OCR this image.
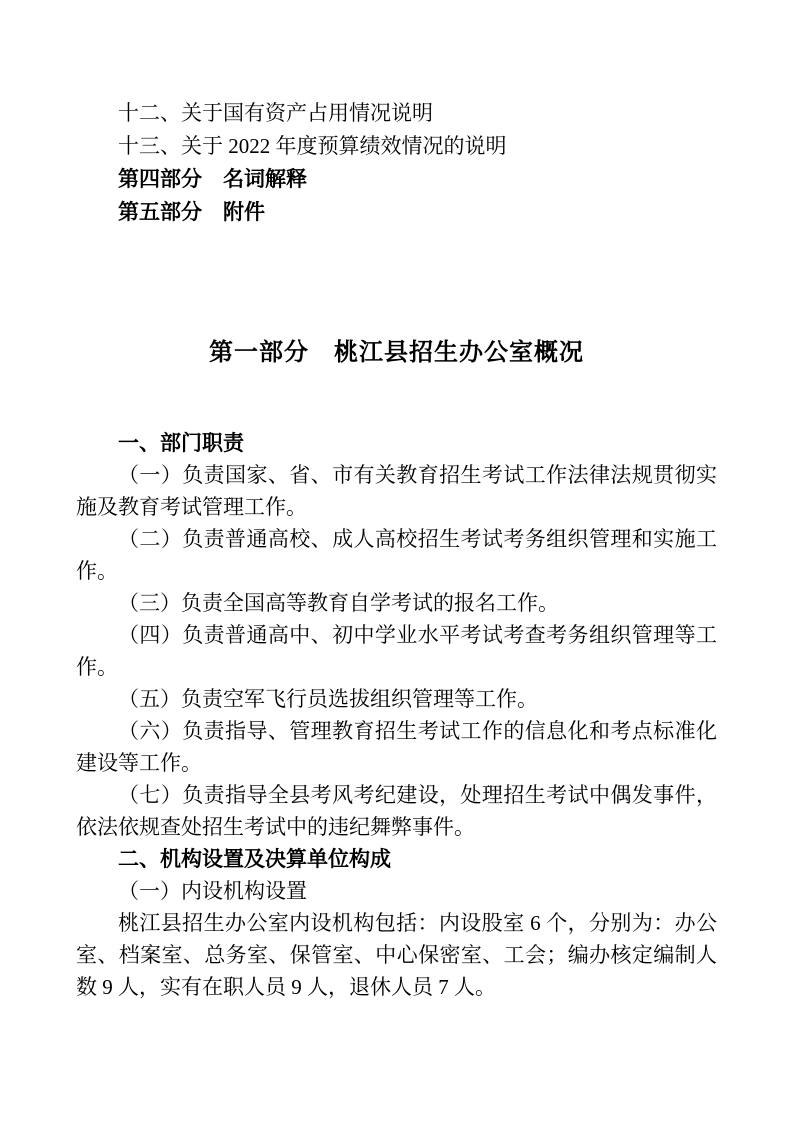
十二、关于国有资产占用情况说明

十三、关于 2022 年度预算绩效情况的说明

第四部分　名词解释

第五部分　附件

第一部分　桃江县招生办公室概况

一、部门职责

（一）负责国家、省、市有关教育招生考试工作法律法规贯彻实施及教育考试管理工作。

（二）负责普通高校、成人高校招生考试考务组织管理和实施工作。

（三）负责全国高等教育自学考试的报名工作。

（四）负责普通高中、初中学业水平考试考查考务组织管理等工作。

（五）负责空军飞行员选拔组织管理等工作。

（六）负责指导、管理教育招生考试工作的信息化和考点标准化建设等工作。

（七）负责指导全县考风考纪建设，处理招生考试中偶发事件，依法依规查处招生考试中的违纪舞弊事件。

二、机构设置及决算单位构成

（一）内设机构设置

桃江县招生办公室内设机构包括：内设股室 6 个，分别为：办公室、档案室、总务室、保管室、中心保密室、工会；编办核定编制人数 9 人，实有在职人员 9 人，退休人员 7 人。
